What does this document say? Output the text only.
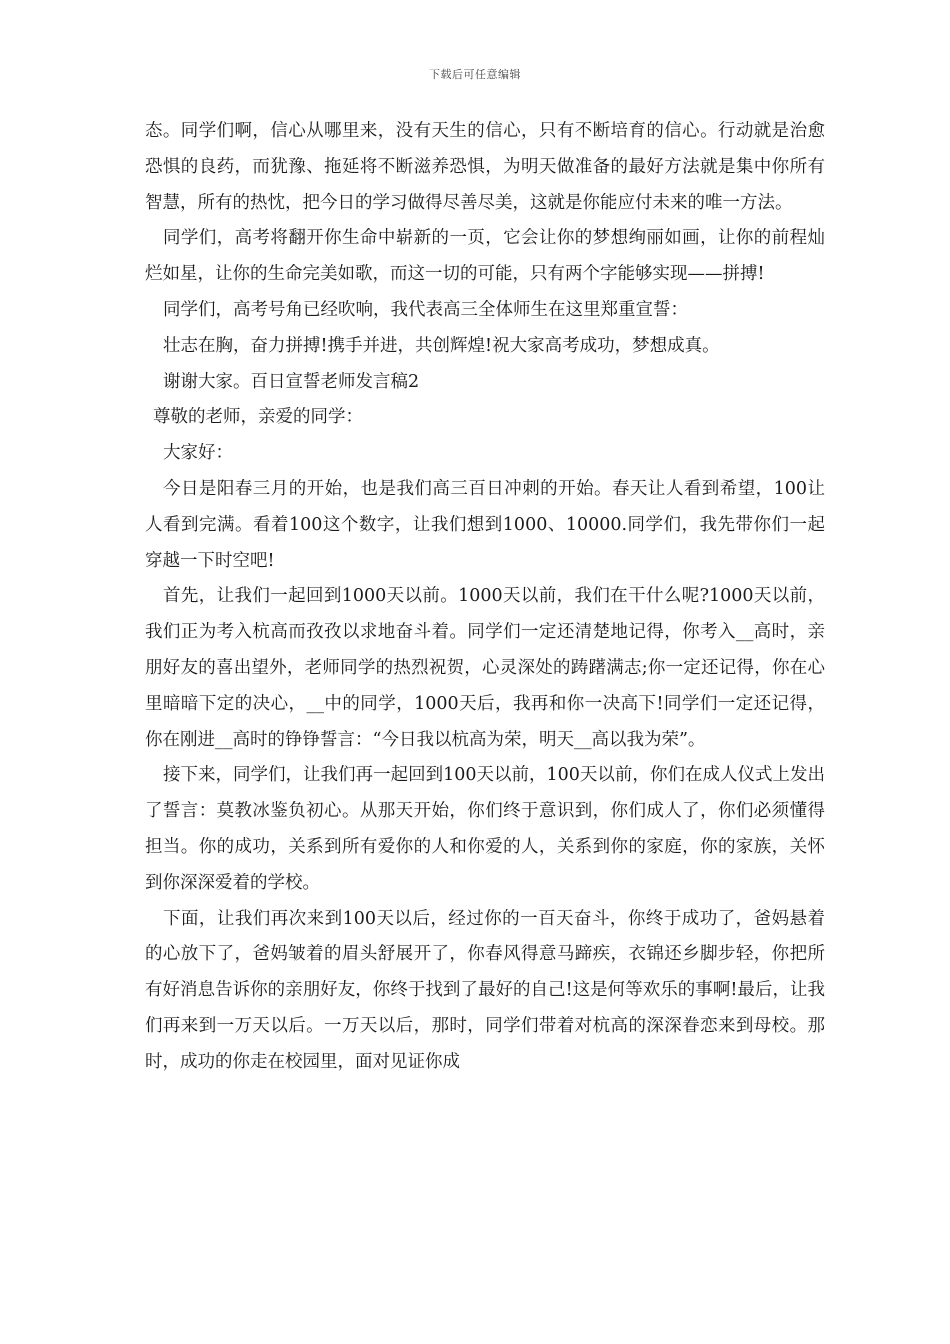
下载后可任意编辑

态。同学们啊，信心从哪里来，没有天生的信心，只有不断培育的信心。行动就是治愈恐惧的良药，而犹豫、拖延将不断滋养恐惧，为明天做准备的最好方法就是集中你所有智慧，所有的热忱，把今日的学习做得尽善尽美，这就是你能应付未来的唯一方法。

同学们，高考将翻开你生命中崭新的一页，它会让你的梦想绚丽如画，让你的前程灿烂如星，让你的生命完美如歌，而这一切的可能，只有两个字能够实现——拼搏!

同学们，高考号角已经吹响，我代表高三全体师生在这里郑重宣誓：

壮志在胸，奋力拼搏!携手并进，共创辉煌!祝大家高考成功，梦想成真。

谢谢大家。百日宣誓老师发言稿2

尊敬的老师，亲爱的同学：

大家好：

今日是阳春三月的开始，也是我们高三百日冲刺的开始。春天让人看到希望，100让人看到完满。看着100这个数字，让我们想到1000、10000.同学们，我先带你们一起穿越一下时空吧!

首先，让我们一起回到1000天以前。1000天以前，我们在干什么呢?1000天以前，我们正为考入杭高而孜孜以求地奋斗着。同学们一定还清楚地记得，你考入__高时，亲朋好友的喜出望外，老师同学的热烈祝贺，心灵深处的踌躇满志;你一定还记得，你在心里暗暗下定的决心，__中的同学，1000天后，我再和你一决高下!同学们一定还记得，你在刚进__高时的铮铮誓言：“今日我以杭高为荣，明天__高以我为荣”。

接下来，同学们，让我们再一起回到100天以前，100天以前，你们在成人仪式上发出了誓言：莫教冰鉴负初心。从那天开始，你们终于意识到，你们成人了，你们必须懂得担当。你的成功，关系到所有爱你的人和你爱的人，关系到你的家庭，你的家族，关怀到你深深爱着的学校。

下面，让我们再次来到100天以后，经过你的一百天奋斗，你终于成功了，爸妈悬着的心放下了，爸妈皱着的眉头舒展开了，你春风得意马蹄疾，衣锦还乡脚步轻，你把所有好消息告诉你的亲朋好友，你终于找到了最好的自己!这是何等欢乐的事啊!最后，让我们再来到一万天以后。一万天以后，那时，同学们带着对杭高的深深眷恋来到母校。那时，成功的你走在校园里，面对见证你成
